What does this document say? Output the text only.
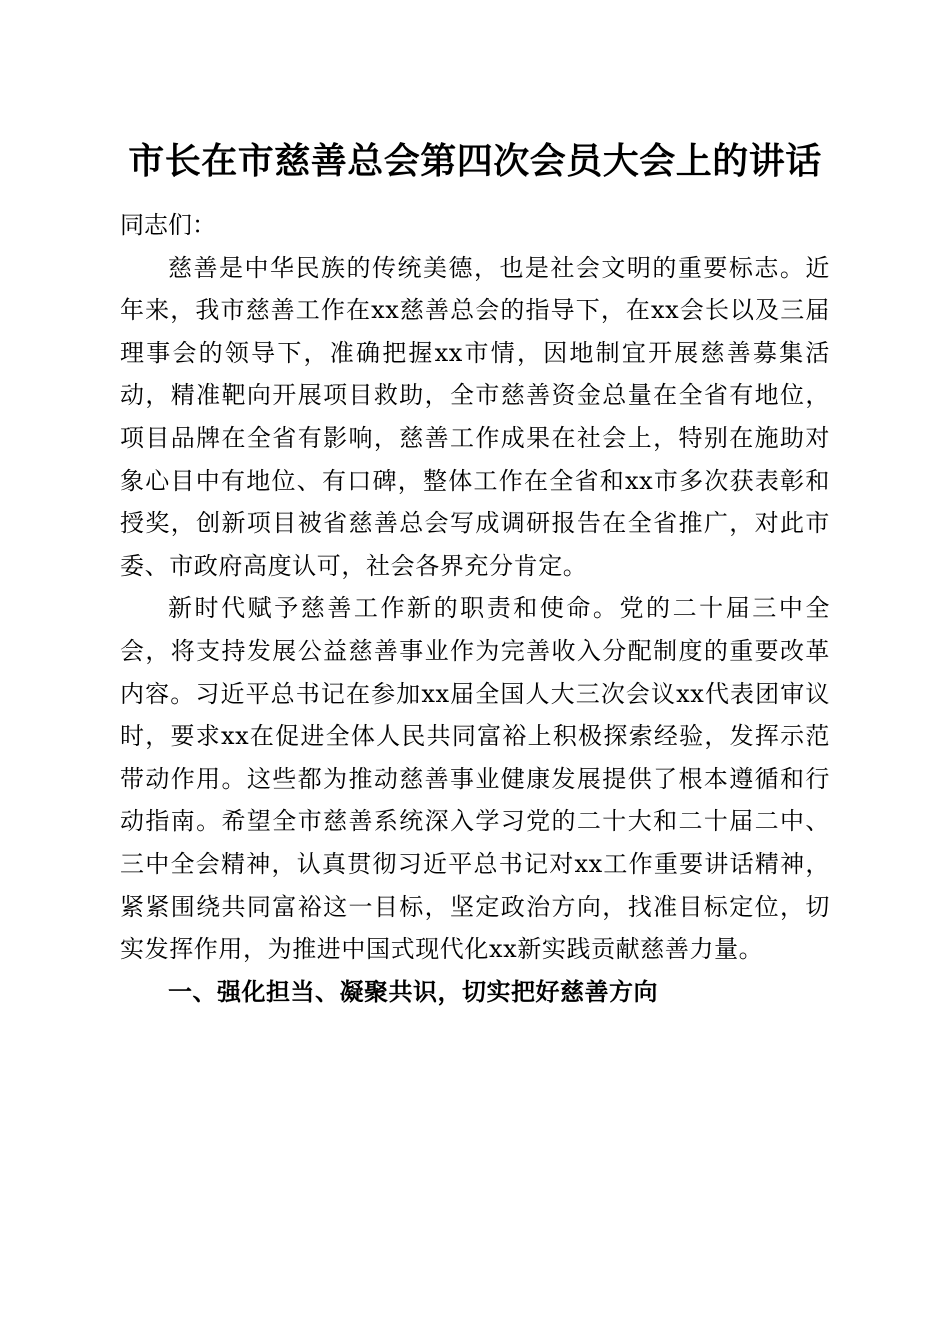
市长在市慈善总会第四次会员大会上的讲话

同志们：

慈善是中华民族的传统美德，也是社会文明的重要标志。近年来，我市慈善工作在xx慈善总会的指导下，在xx会长以及三届理事会的领导下，准确把握xx市情，因地制宜开展慈善募集活动，精准靶向开展项目救助，全市慈善资金总量在全省有地位，项目品牌在全省有影响，慈善工作成果在社会上，特别在施助对象心目中有地位、有口碑，整体工作在全省和xx市多次获表彰和授奖，创新项目被省慈善总会写成调研报告在全省推广，对此市委、市政府高度认可，社会各界充分肯定。

新时代赋予慈善工作新的职责和使命。党的二十届三中全会，将支持发展公益慈善事业作为完善收入分配制度的重要改革内容。习近平总书记在参加xx届全国人大三次会议xx代表团审议时，要求xx在促进全体人民共同富裕上积极探索经验，发挥示范带动作用。这些都为推动慈善事业健康发展提供了根本遵循和行动指南。希望全市慈善系统深入学习党的二十大和二十届二中、三中全会精神，认真贯彻习近平总书记对xx工作重要讲话精神，紧紧围绕共同富裕这一目标，坚定政治方向，找准目标定位，切实发挥作用，为推进中国式现代化xx新实践贡献慈善力量。

一、强化担当、凝聚共识，切实把好慈善方向
